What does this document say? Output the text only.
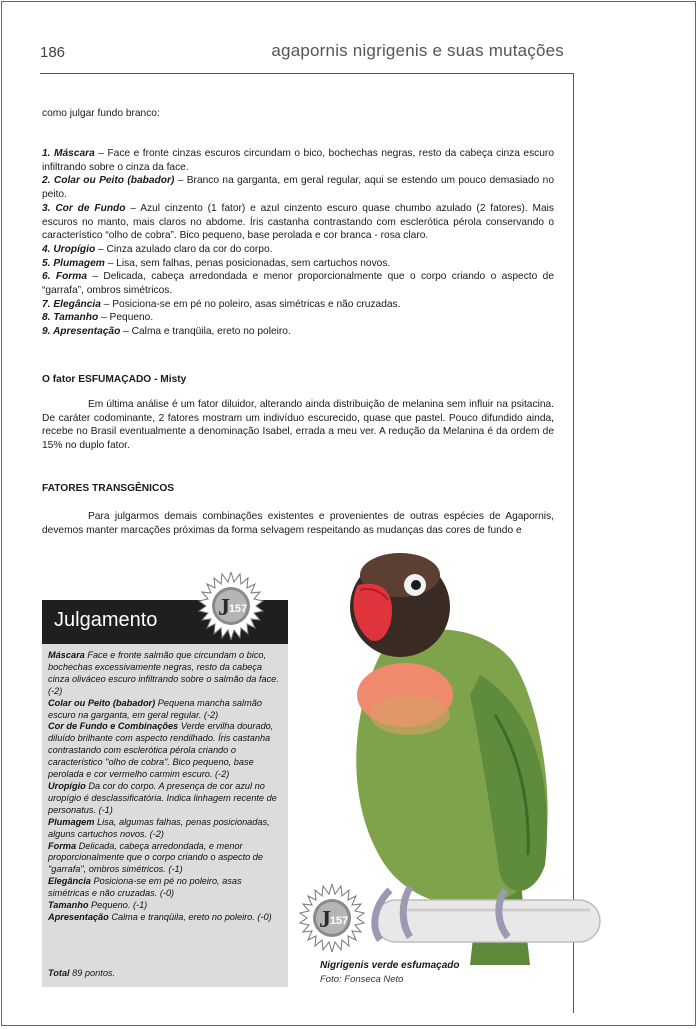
186	agapornis nigrigenis e suas mutações
como julgar fundo branco:

1. Máscara – Face e fronte cinzas escuros circundam o bico, bochechas negras, resto da cabeça cinza escuro infiltrando sobre o cinza da face.

2. Colar ou Peito (babador) – Branco na garganta, em geral regular, aqui se estendo um pouco demasiado no peito.

3. Cor de Fundo – Azul cinzento (1 fator) e azul cinzento escuro quase chumbo azulado (2 fatores). Mais escuros no manto, mais claros no abdome. Íris castanha contrastando com esclerótica pérola conservando o característico “olho de cobra”. Bico pequeno, base perolada e cor branca - rosa claro.

4. Uropígio – Cinza azulado claro da cor do corpo.

5. Plumagem – Lisa, sem falhas, penas posicionadas, sem cartuchos novos.

6. Forma – Delicada, cabeça arredondada e menor proporcionalmente que o corpo criando o aspecto de “garrafa”, ombros simétricos.

7. Elegância – Posiciona-se em pé no poleiro, asas simétricas e não cruzadas.

8. Tamanho – Pequeno.

9. Apresentação – Calma e tranqüila, ereto no poleiro.

O fator ESFUMAÇADO - Misty
Em última análise é um fator diluidor, alterando ainda distribuição de melanina sem influir na psitacina. De caráter codominante, 2 fatores mostram um indivíduo escurecido, quase que pastel. Pouco difundido ainda, recebe no Brasil eventualmente a denominação Isabel, errada a meu ver. A redução da Melanina é da ordem de 15% no duplo fator.
FATORES TRANSGÊNICOS
Para julgarmos demais combinações existentes e provenientes de outras espécies de Agapornis, devemos manter marcações próximas da forma selvagem respeitando as mudanças das cores de fundo e
Julgamento

Máscara Face e fronte salmão que circundam o bico, bochechas excessivamente negras, resto da cabeça cinza oliváceo escuro infiltrando sobre o salmão da face. (-2)

Colar ou Peito (babador) Pequena mancha salmão escuro na garganta, em geral regular. (-2)

Cor de Fundo e Combinações Verde ervilha dourado, diluído brilhante com aspecto rendilhado. Íris castanha contrastando com esclerótica pérola criando o característico "olho de cobra". Bico pequeno, base perolada e cor vermelho carmim escuro. (-2)

Uropígio Da cor do corpo. A presença de cor azul no uropígio é desclassificatória. Indica linhagem recente de personatus. (-1)

Plumagem Lisa, algumas falhas, penas posicionadas, alguns cartuchos novos. (-2)

Forma Delicada, cabeça arredondada, e menor proporcionalmente que o corpo criando o aspecto de "garrafa", ombros simétricos. (-1)

Elegância Posiciona-se em pé no poleiro, asas simétricas e não cruzadas. (-0)

Tamanho Pequeno. (-1)

Apresentação Calma e tranqüila, ereto no poleiro. (-0)

Total 89 pontos.
J
157
J
157
Nigrigenis verde esfumaçado
Foto: Fonseca Neto
